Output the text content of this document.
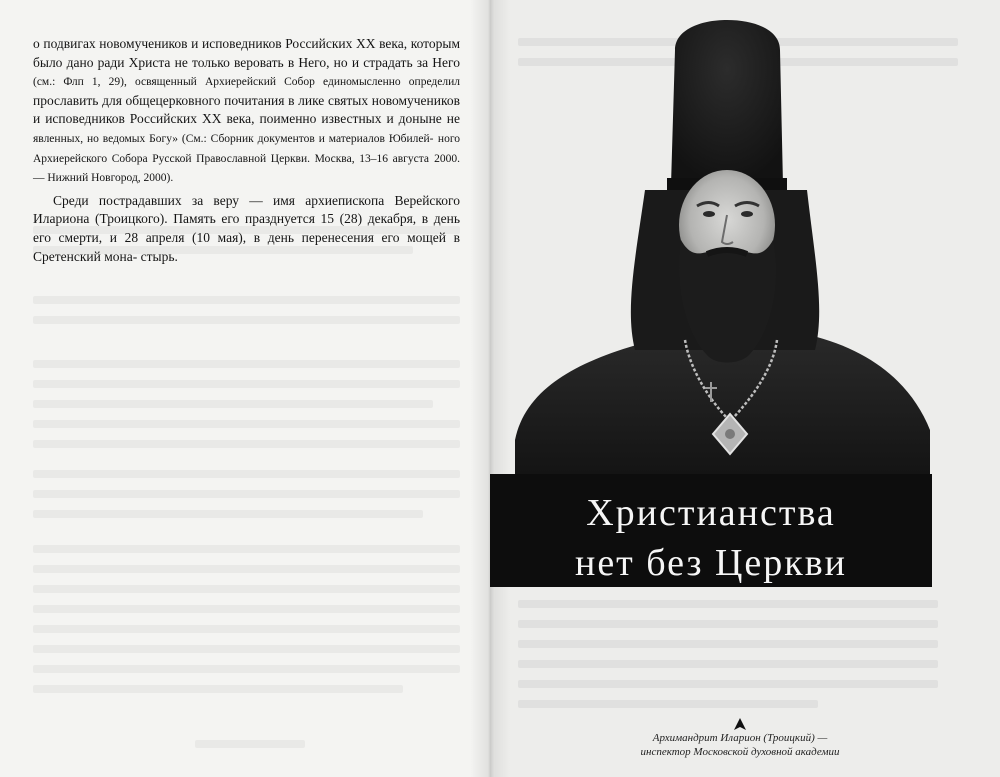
о подвигах новомучеников и исповедников Российских XX века, которым было дано ради Христа не только веровать в Него, но и страдать за Него (см.: Флп 1, 29), освященный Архиерейский Собор единомысленно определил прославить для общецерковного почитания в лике святых новомучеников и исповедников Российских XX века, поименно известных и доныне не явленных, но ведомых Богу» (См.: Сборник документов и материалов Юбилей- ного Архиерейского Собора Русской Православной Церкви. Москва, 13–16 августа 2000. — Нижний Новгород, 2000).

Среди пострадавших за веру — имя архиепископа Верейского Илариона (Троицкого). Память его празднуется 15 (28) декабря, в день его смерти, и 28 апреля (10 мая), в день перенесения его мощей в Сретенский мона- стырь.

Христианства
нет без Церкви
Архимандрит Иларион (Троицкий) —
инспектор Московской духовной академии
